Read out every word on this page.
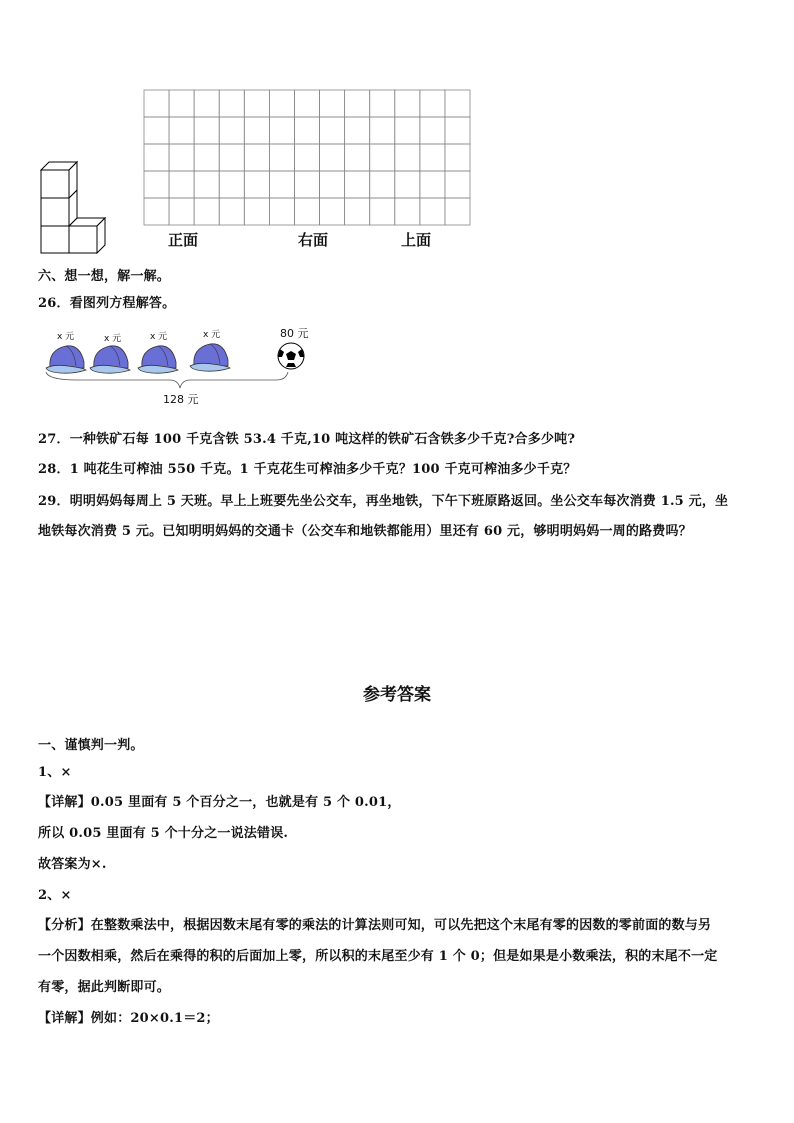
正面	右面	上面
六、想一想，解一解。
26．看图列方程解答。
x 元	x 元	x 元	x 元	80 元
128 元
27．一种铁矿石每 100 千克含铁 53.4 千克,10 吨这样的铁矿石含铁多少千克?合多少吨?
28．1 吨花生可榨油 550 千克。1 千克花生可榨油多少千克？100 千克可榨油多少千克？
29．明明妈妈每周上 5 天班。早上上班要先坐公交车，再坐地铁，下午下班原路返回。坐公交车每次消费 1.5 元，坐
地铁每次消费 5 元。已知明明妈妈的交通卡（公交车和地铁都能用）里还有 60 元，够明明妈妈一周的路费吗？
参考答案
一、谨慎判一判。
1、×
【详解】0.05 里面有 5 个百分之一，也就是有 5 个 0.01，
所以 0.05 里面有 5 个十分之一说法错误.
故答案为×.
2、×
【分析】在整数乘法中，根据因数末尾有零的乘法的计算法则可知，可以先把这个末尾有零的因数的零前面的数与另
一个因数相乘，然后在乘得的积的后面加上零，所以积的末尾至少有 1 个 0；但是如果是小数乘法，积的末尾不一定
有零，据此判断即可。
【详解】例如：20×0.1＝2；
